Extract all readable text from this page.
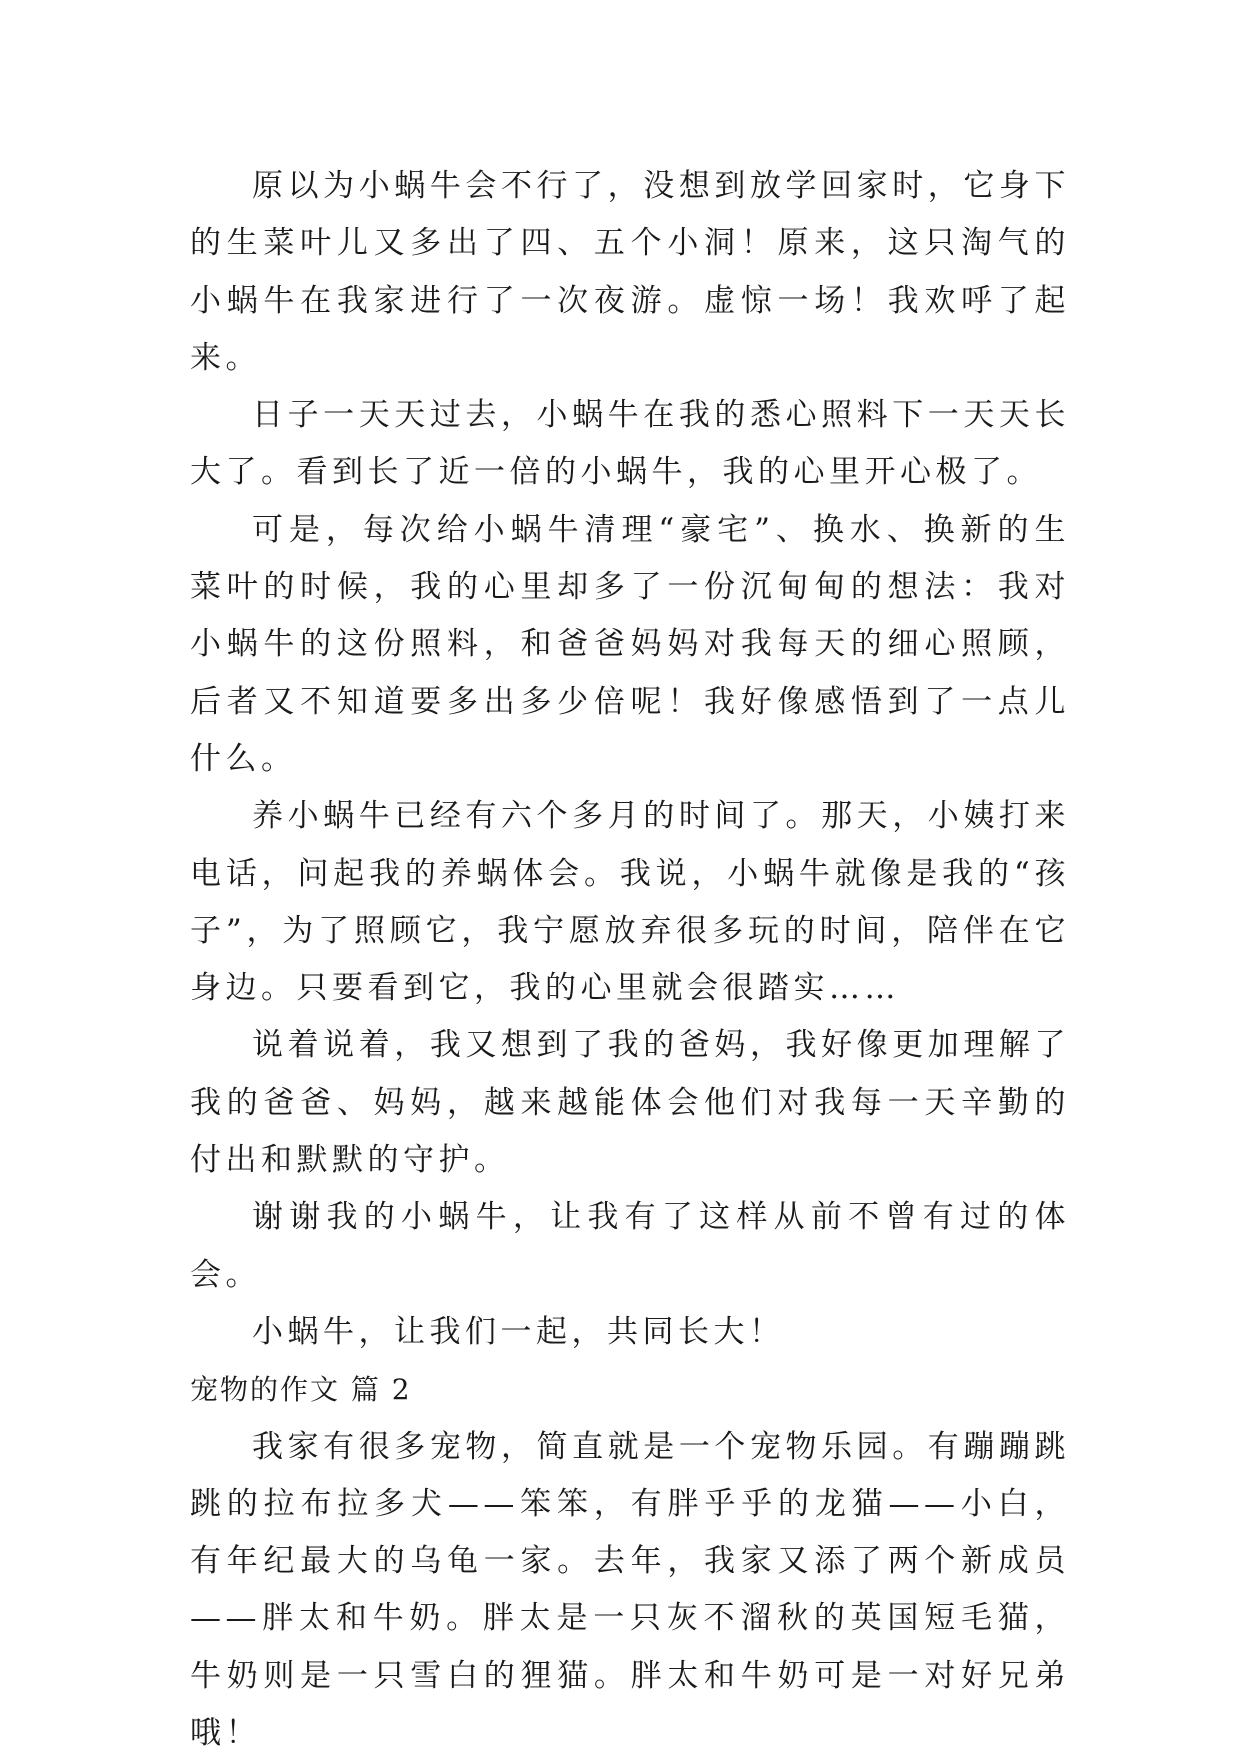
原以为小蜗牛会不行了，没想到放学回家时，它身下的生菜叶儿又多出了四、五个小洞！原来，这只淘气的小蜗牛在我家进行了一次夜游。虚惊一场！我欢呼了起来。

日子一天天过去，小蜗牛在我的悉心照料下一天天长大了。看到长了近一倍的小蜗牛，我的心里开心极了。

可是，每次给小蜗牛清理“豪宅”、换水、换新的生菜叶的时候，我的心里却多了一份沉甸甸的想法：我对小蜗牛的这份照料，和爸爸妈妈对我每天的细心照顾，后者又不知道要多出多少倍呢！我好像感悟到了一点儿什么。

养小蜗牛已经有六个多月的时间了。那天，小姨打来电话，问起我的养蜗体会。我说，小蜗牛就像是我的“孩子”，为了照顾它，我宁愿放弃很多玩的时间，陪伴在它身边。只要看到它，我的心里就会很踏实……

说着说着，我又想到了我的爸妈，我好像更加理解了我的爸爸、妈妈，越来越能体会他们对我每一天辛勤的付出和默默的守护。

谢谢我的小蜗牛，让我有了这样从前不曾有过的体会。

小蜗牛，让我们一起，共同长大！

宠物的作文 篇 2

我家有很多宠物，简直就是一个宠物乐园。有蹦蹦跳跳的拉布拉多犬——笨笨，有胖乎乎的龙猫——小白，有年纪最大的乌龟一家。去年，我家又添了两个新成员——胖太和牛奶。胖太是一只灰不溜秋的英国短毛猫，牛奶则是一只雪白的狸猫。胖太和牛奶可是一对好兄弟哦！
